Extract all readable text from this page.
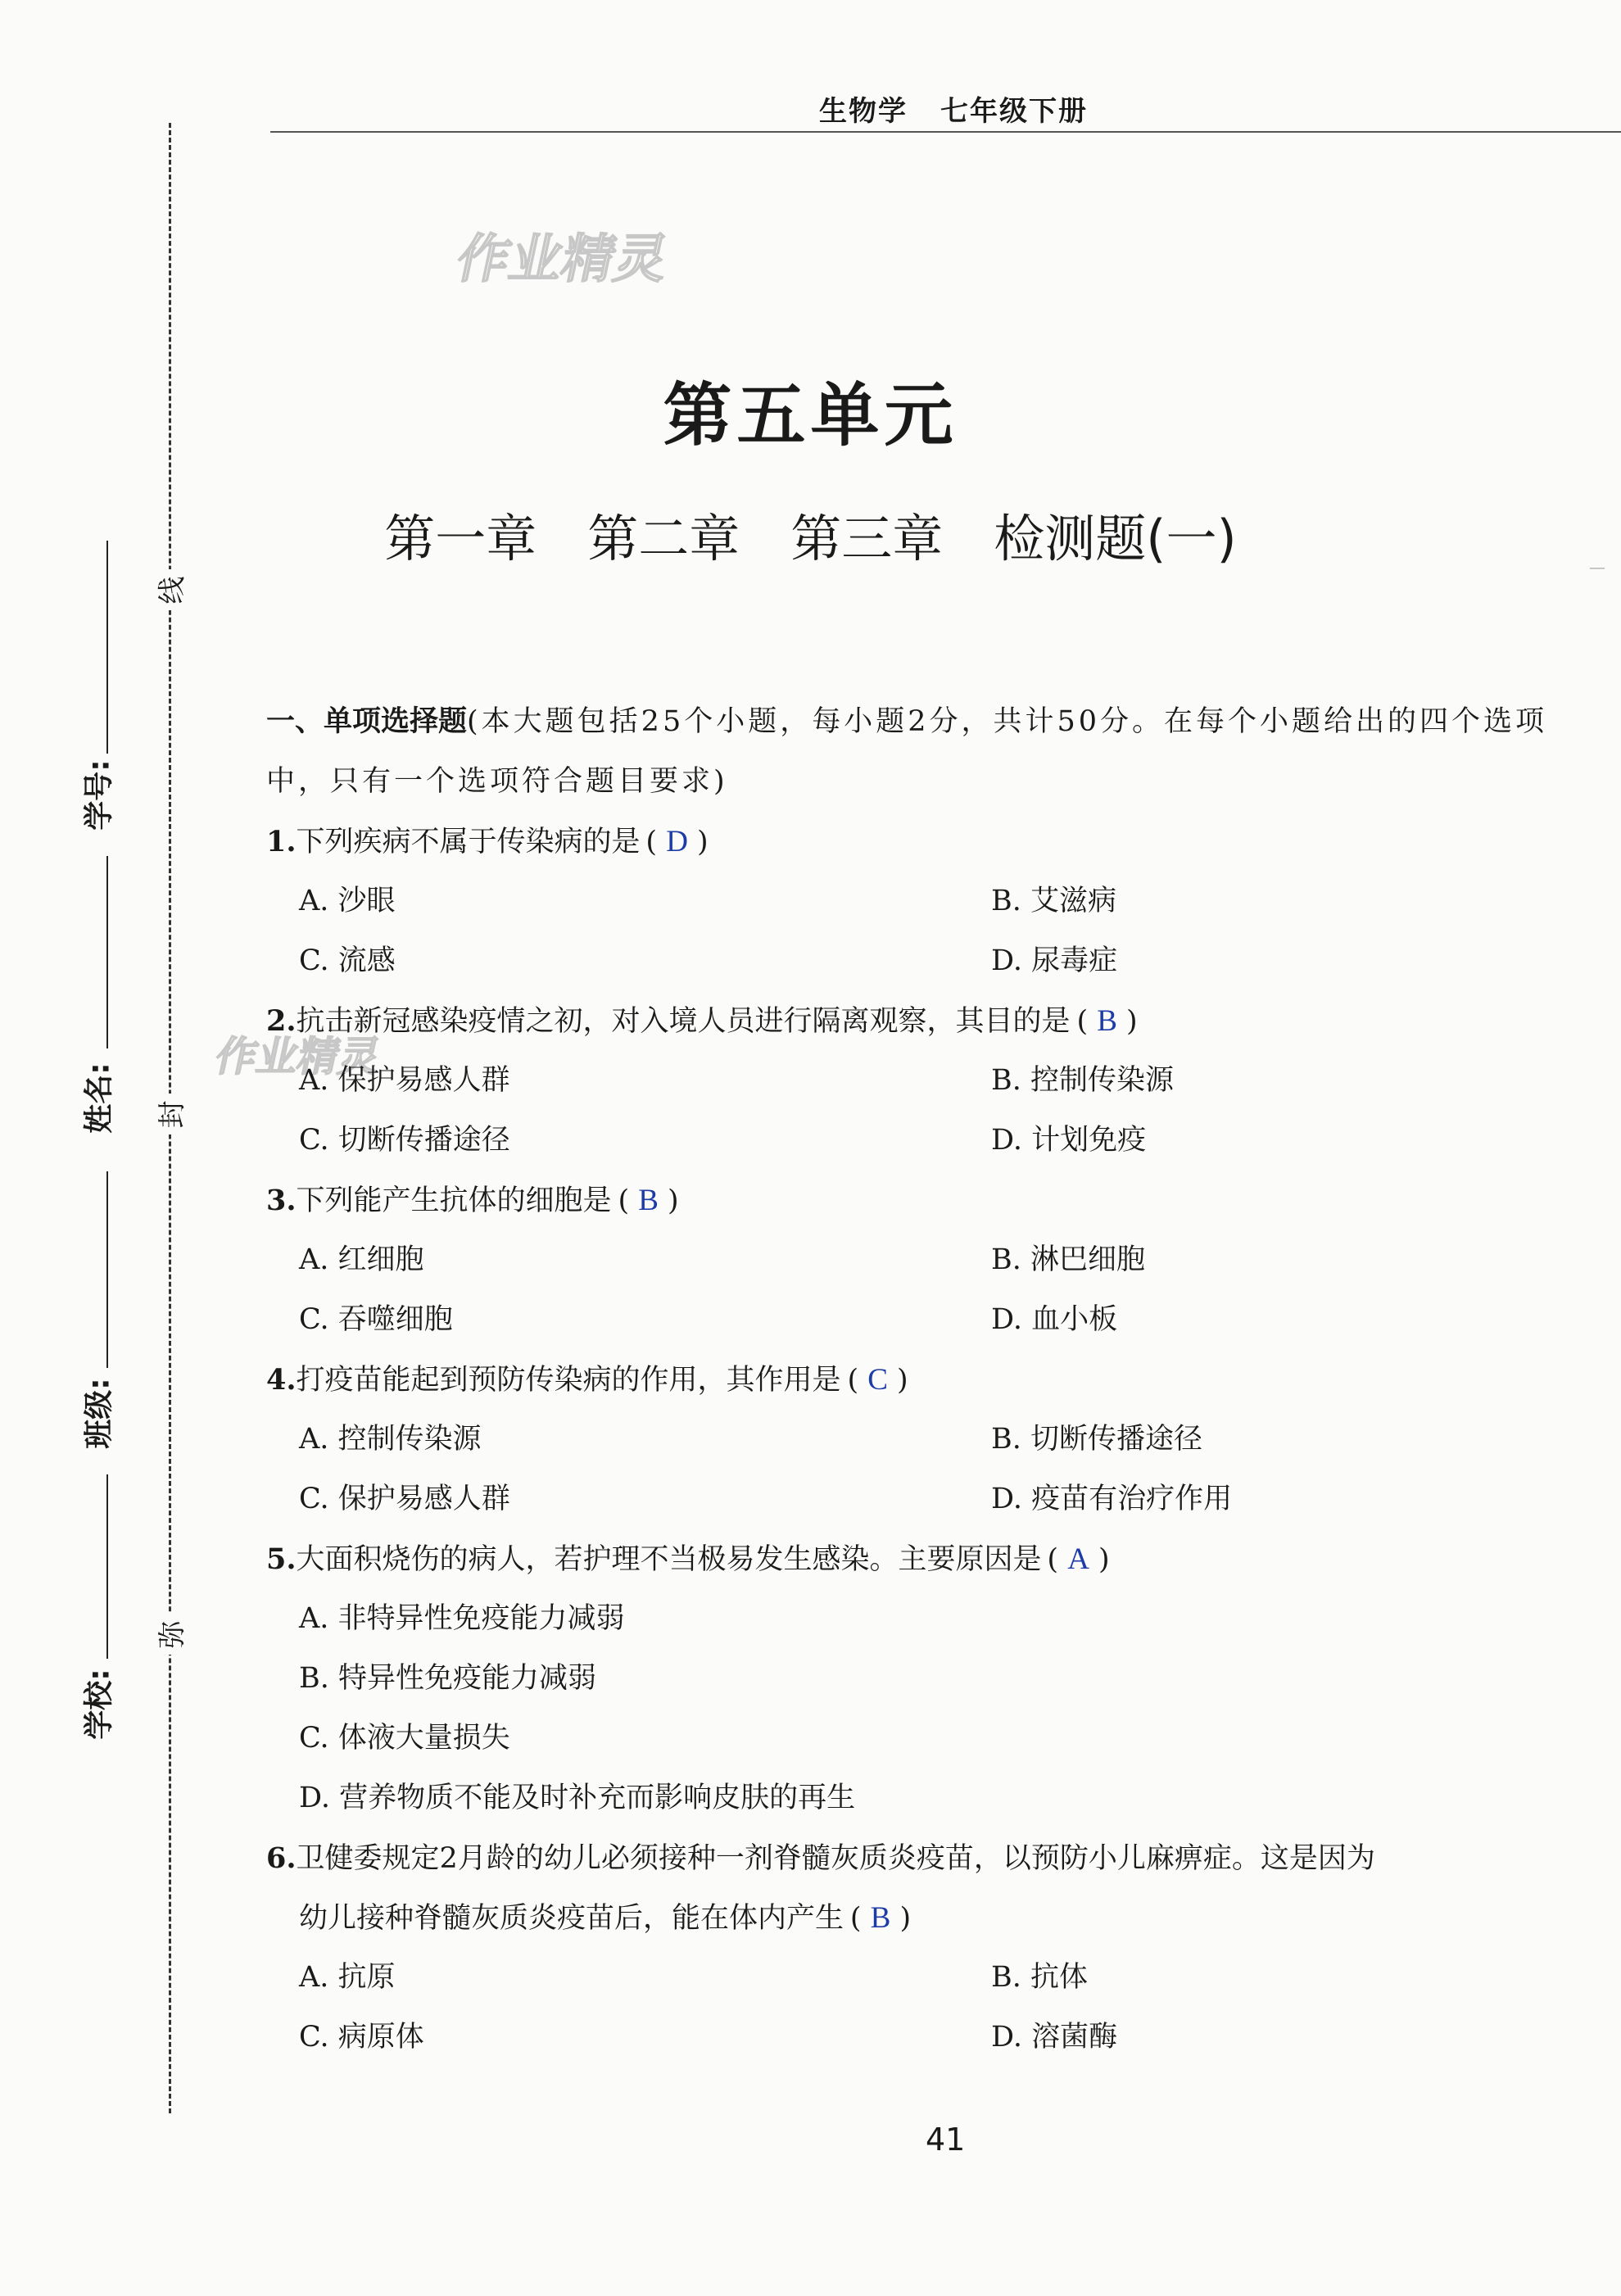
生物学 七年级下册
线
封
弥
学号:
姓名:
班级:
学校:
作业精灵
作业精灵
第五单元
第一章　第二章　第三章　检测题(一)	—
一、单项选择题(本大题包括25个小题，每小题2分，共计50分。在每个小题给出的四个选项中，只有一个选项符合题目要求)
1.下列疾病不属于传染病的是 ( D )
A. 沙眼	B. 艾滋病
C. 流感	D. 尿毒症
2.抗击新冠感染疫情之初，对入境人员进行隔离观察，其目的是 ( B )
A. 保护易感人群	B. 控制传染源
C. 切断传播途径	D. 计划免疫
3.下列能产生抗体的细胞是 ( B )
A. 红细胞	B. 淋巴细胞
C. 吞噬细胞	D. 血小板
4.打疫苗能起到预防传染病的作用，其作用是 ( C )
A. 控制传染源	B. 切断传播途径
C. 保护易感人群	D. 疫苗有治疗作用
5.大面积烧伤的病人，若护理不当极易发生感染。主要原因是 ( A )
A. 非特异性免疫能力减弱
B. 特异性免疫能力减弱
C. 体液大量损失
D. 营养物质不能及时补充而影响皮肤的再生
6.卫健委规定2月龄的幼儿必须接种一剂脊髓灰质炎疫苗，以预防小儿麻痹症。这是因为
幼儿接种脊髓灰质炎疫苗后，能在体内产生 ( B )
A. 抗原	B. 抗体
C. 病原体	D. 溶菌酶
41
